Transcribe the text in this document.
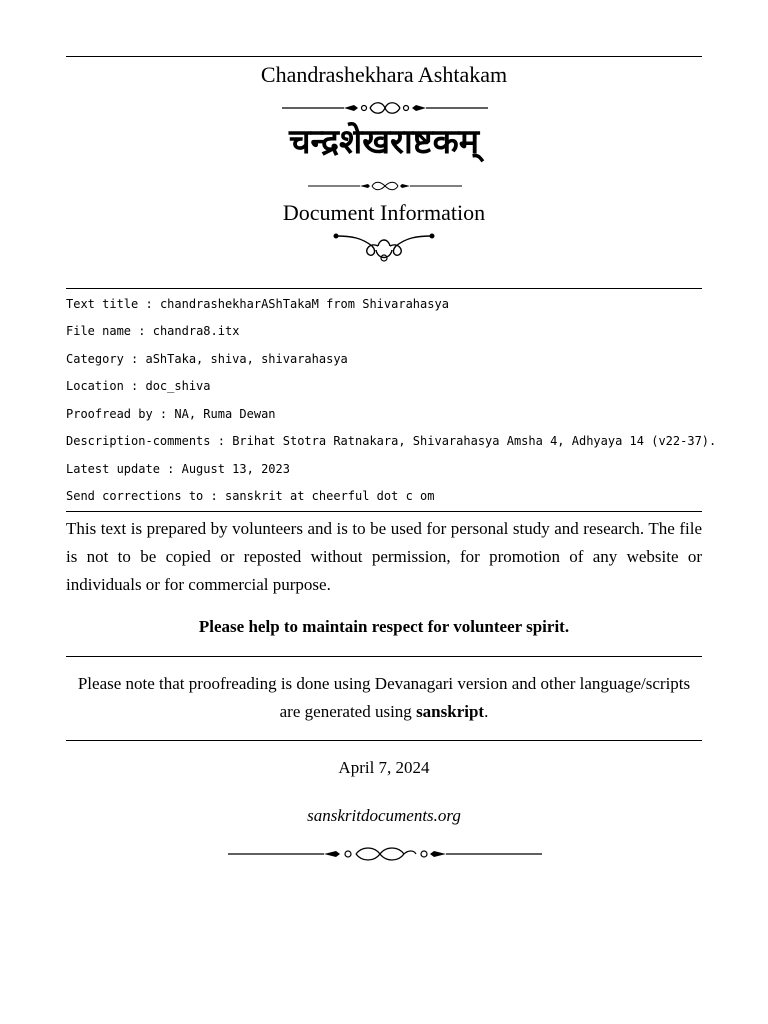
Chandrashekhara Ashtakam
चन्द्रशेखराष्टकम्
Document Information
Text title : chandrashekharAShTakaM from Shivarahasya
File name : chandra8.itx
Category : aShTaka, shiva, shivarahasya
Location : doc_shiva
Proofread by : NA, Ruma Dewan
Description-comments : Brihat Stotra Ratnakara, Shivarahasya Amsha 4, Adhyaya 14 (v22-37).
Latest update : August 13, 2023
Send corrections to : sanskrit at cheerful dot c om
This text is prepared by volunteers and is to be used for personal study and research. The file is not to be copied or reposted without permission, for promotion of any website or individuals or for commercial purpose.
Please help to maintain respect for volunteer spirit.
Please note that proofreading is done using Devanagari version and other language/scripts are generated using sanskript.
April 7, 2024
sanskritdocuments.org
